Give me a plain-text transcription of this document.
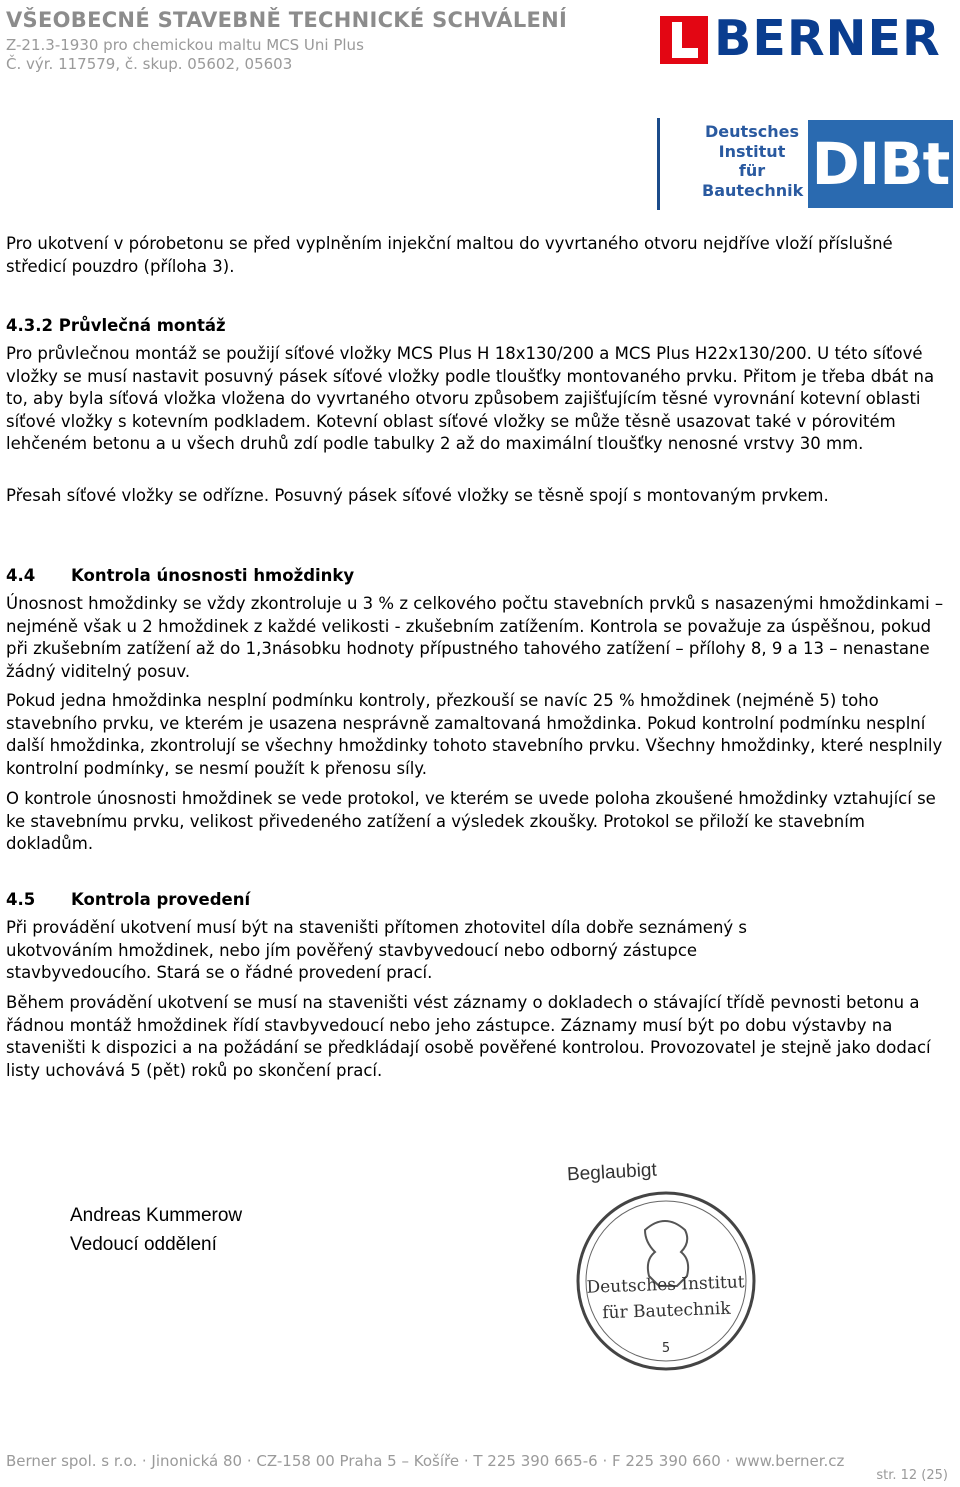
VŠEOBECNÉ STAVEBNĚ TECHNICKÉ SCHVÁLENÍ
Z-21.3-1930 pro chemickou maltu MCS Uni Plus
Č. výr. 117579, č. skup. 05602, 05603	BERNER
Deutsches
Institut
für
Bautechnik DIBt
Pro ukotvení v pórobetonu se před vyplněním injekční maltou do vyvrtaného otvoru nejdříve vloží příslušné středicí pouzdro (příloha 3).
4.3.2 Průvlečná montáž
Pro průvlečnou montáž se použijí síťové vložky MCS Plus H 18x130/200 a MCS Plus H22x130/200. U této síťové vložky se musí nastavit posuvný pásek síťové vložky podle tloušťky montovaného prvku. Přitom je třeba dbát na to, aby byla síťová vložka vložena do vyvrtaného otvoru způsobem zajišťujícím těsné vyrovnání kotevní oblasti síťové vložky s kotevním podkladem. Kotevní oblast síťové vložky se může těsně usazovat také v pórovitém lehčeném betonu a u všech druhů zdí podle tabulky 2 až do maximální tloušťky nenosné vrstvy 30 mm.
Přesah síťové vložky se odřízne. Posuvný pásek síťové vložky se těsně spojí s montovaným prvkem.
4.4 Kontrola únosnosti hmoždinky
Únosnost hmoždinky se vždy zkontroluje u 3 % z celkového počtu stavebních prvků s nasazenými hmoždinkami – nejméně však u 2 hmoždinek z každé velikosti - zkušebním zatížením. Kontrola se považuje za úspěšnou, pokud při zkušebním zatížení až do 1,3násobku hodnoty přípustného tahového zatížení – přílohy 8, 9 a 13 – nenastane žádný viditelný posuv.
Pokud jedna hmoždinka nesplní podmínku kontroly, přezkouší se navíc 25 % hmoždinek (nejméně 5) toho stavebního prvku, ve kterém je usazena nesprávně zamaltovaná hmoždinka. Pokud kontrolní podmínku nesplní další hmoždinka, zkontrolují se všechny hmoždinky tohoto stavebního prvku. Všechny hmoždinky, které nesplnily kontrolní podmínky, se nesmí použít k přenosu síly.
O kontrole únosnosti hmoždinek se vede protokol, ve kterém se uvede poloha zkoušené hmoždinky vztahující se ke stavebnímu prvku, velikost přivedeného zatížení a výsledek zkoušky. Protokol se přiloží ke stavebním dokladům.
4.5 Kontrola provedení
Při provádění ukotvení musí být na staveništi přítomen zhotovitel díla dobře seznámený s ukotvováním hmoždinek, nebo jím pověřený stavbyvedoucí nebo odborný zástupce stavbyvedoucího. Stará se o řádné provedení prací.
Během provádění ukotvení se musí na staveništi vést záznamy o dokladech o stávající třídě pevnosti betonu a řádnou montáž hmoždinek řídí stavbyvedoucí nebo jeho zástupce. Záznamy musí být po dobu výstavby na staveništi k dispozici a na požádání se předkládají osobě pověřené kontrolou. Provozovatel je stejně jako dodací listy uchovává 5 (pět) roků po skončení prací.
Andreas Kummerow
Vedoucí oddělení
Beglaubigt
Deutsches Institutfür Bautechnik
5
Berner spol. s r.o. · Jinonická 80 · CZ-158 00 Praha 5 – Košíře · T 225 390 665-6 · F 225 390 660 · www.berner.cz
str. 12 (25)
